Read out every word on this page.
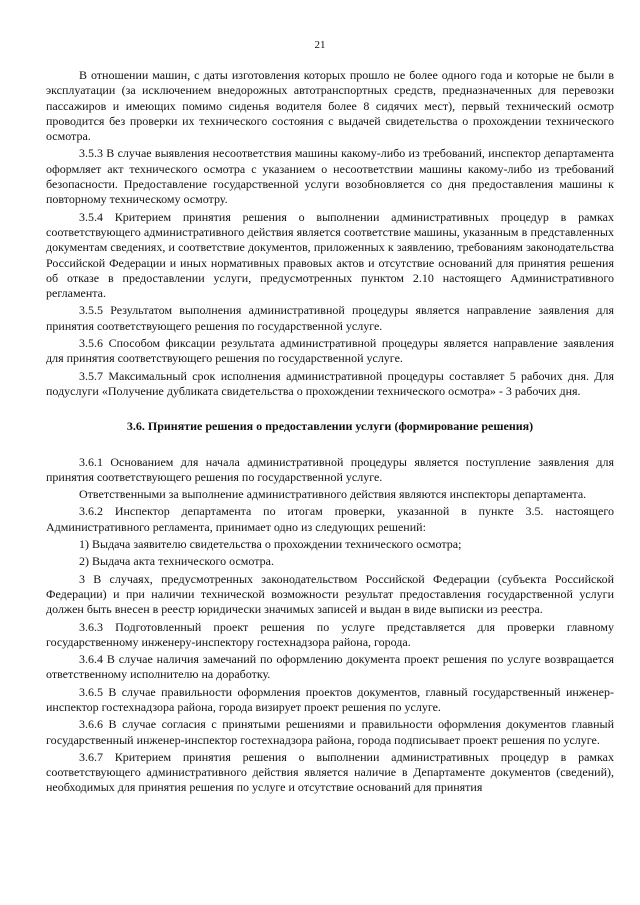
21

В отношении машин, с даты изготовления которых прошло не более одного года и которые не были в эксплуатации (за исключением внедорожных автотранспортных средств, предназначенных для перевозки пассажиров и имеющих помимо сиденья водителя более 8 сидячих мест), первый технический осмотр проводится без проверки их технического состояния с выдачей свидетельства о прохождении технического осмотра.

3.5.3 В случае выявления несоответствия машины какому-либо из требований, инспектор департамента оформляет акт технического осмотра с указанием о несоответствии машины какому-либо из требований безопасности. Предоставление государственной услуги возобновляется со дня предоставления машины к повторному техническому осмотру.

3.5.4 Критерием принятия решения о выполнении административных процедур в рамках соответствующего административного действия является соответствие машины, указанным в представленных документам сведениях, и соответствие документов, приложенных к заявлению, требованиям законодательства Российской Федерации и иных нормативных правовых актов и отсутствие оснований для принятия решения об отказе в предоставлении услуги, предусмотренных пунктом 2.10 настоящего Административного регламента.

3.5.5 Результатом выполнения административной процедуры является направление заявления для принятия соответствующего решения по государственной услуге.

3.5.6 Способом фиксации результата административной процедуры является направление заявления для принятия соответствующего решения по государственной услуге.

3.5.7 Максимальный срок исполнения административной процедуры составляет 5 рабочих дня. Для подуслуги «Получение дубликата свидетельства о прохождении технического осмотра» - 3 рабочих дня.

3.6. Принятие решения о предоставлении услуги (формирование решения)

3.6.1 Основанием для начала административной процедуры является поступление заявления для принятия соответствующего решения по государственной услуге.

Ответственными за выполнение административного действия являются инспекторы департамента.

3.6.2 Инспектор департамента по итогам проверки, указанной в пункте 3.5. настоящего Административного регламента, принимает одно из следующих решений:

1) Выдача заявителю свидетельства о прохождении технического осмотра;

2) Выдача акта технического осмотра.

3 В случаях, предусмотренных законодательством Российской Федерации (субъекта Российской Федерации) и при наличии технической возможности результат предоставления государственной услуги должен быть внесен в реестр юридически значимых записей и выдан в виде выписки из реестра.

3.6.3 Подготовленный проект решения по услуге представляется для проверки главному государственному инженеру-инспектору гостехнадзора района, города.

3.6.4 В случае наличия замечаний по оформлению документа проект решения по услуге возвращается ответственному исполнителю на доработку.

3.6.5 В случае правильности оформления проектов документов, главный государственный инженер-инспектор гостехнадзора района, города визирует проект решения по услуге.

3.6.6 В случае согласия с принятыми решениями и правильности оформления документов главный государственный инженер-инспектор гостехнадзора района, города подписывает проект решения по услуге.

3.6.7 Критерием принятия решения о выполнении административных процедур в рамках соответствующего административного действия является наличие в Департаменте документов (сведений), необходимых для принятия решения по услуге и отсутствие оснований для принятия
